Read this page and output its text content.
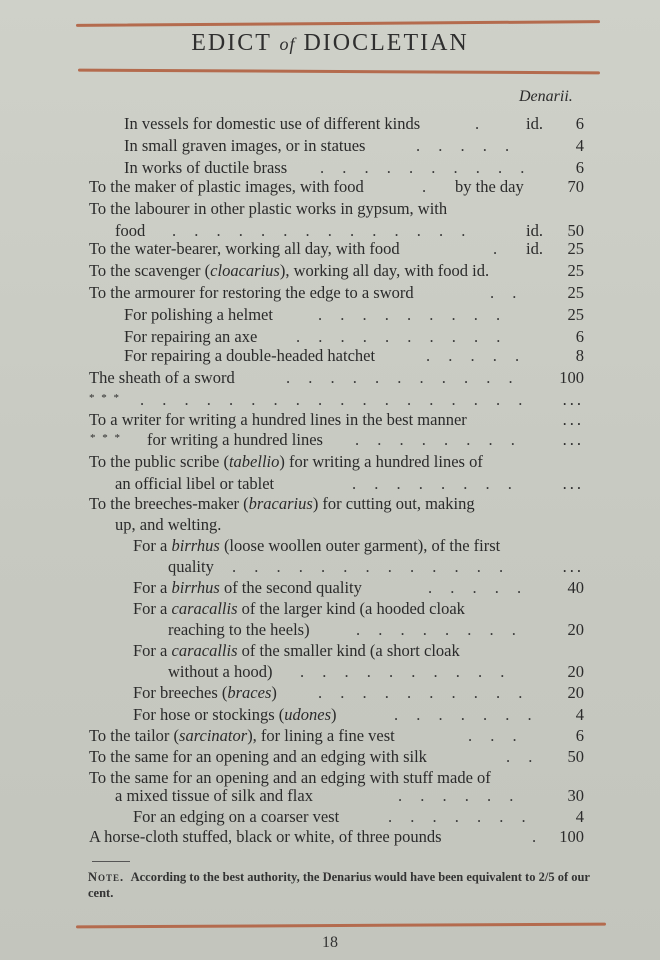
EDICT of DIOCLETIAN
Denarii.
.
In vessels for domestic use of different kinds	id. 6
. . . . .
In small graven images, or in statues	4
. . . . . . . . . .
In works of ductile brass	6
.
To the maker of plastic images, with food	by the day	70
To the labourer in other plastic works in gypsum, with
. . . . . . . . . . . . . .
food	id. 50
.
To the water-bearer, working all day, with food	id. 25
To the scavenger (cloacarius), working all day, with food id.	25
. .
To the armourer for restoring the edge to a sword	25
. . . . . . . . .
For polishing a helmet	25
. . . . . . . . . .
For repairing an axe	6
. . . . .
For repairing a double-headed hatchet	8
. . . . . . . . . . .
The sheath of a sword	100
* * * . . . . . . . . . . . . . . . . . .	...
To a writer for writing a hundred lines in the best manner	...
* * * for writing a hundred lines . . . . . . . .	...
To the public scribe (tabellio) for writing a hundred lines of
. . . . . . . .
an official libel or tablet	...
To the breeches-maker (bracarius) for cutting out, making
up, and welting.
For a birrhus (loose woollen outer garment), of the first
. . . . . . . . . . . . .
quality	...
. . . . .
For a birrhus of the second quality	40
For a caracallis of the larger kind (a hooded cloak
. . . . . . . .
reaching to the heels)	20
For a caracallis of the smaller kind (a short cloak
. . . . . . . . . .
without a hood)	20
. . . . . . . . . .
For breeches (braces)	20
. . . . . . .
For hose or stockings (udones)	4
. . .
To the tailor (sarcinator), for lining a fine vest	6
. .
To the same for an opening and an edging with silk	50
To the same for an opening and an edging with stuff made of
. . . . . .
a mixed tissue of silk and flax	30
. . . . . . .
For an edging on a coarser vest	4
.
A horse-cloth stuffed, black or white, of three pounds	100
Note. According to the best authority, the Denarius would have been equivalent to 2/5 of our cent.
18
